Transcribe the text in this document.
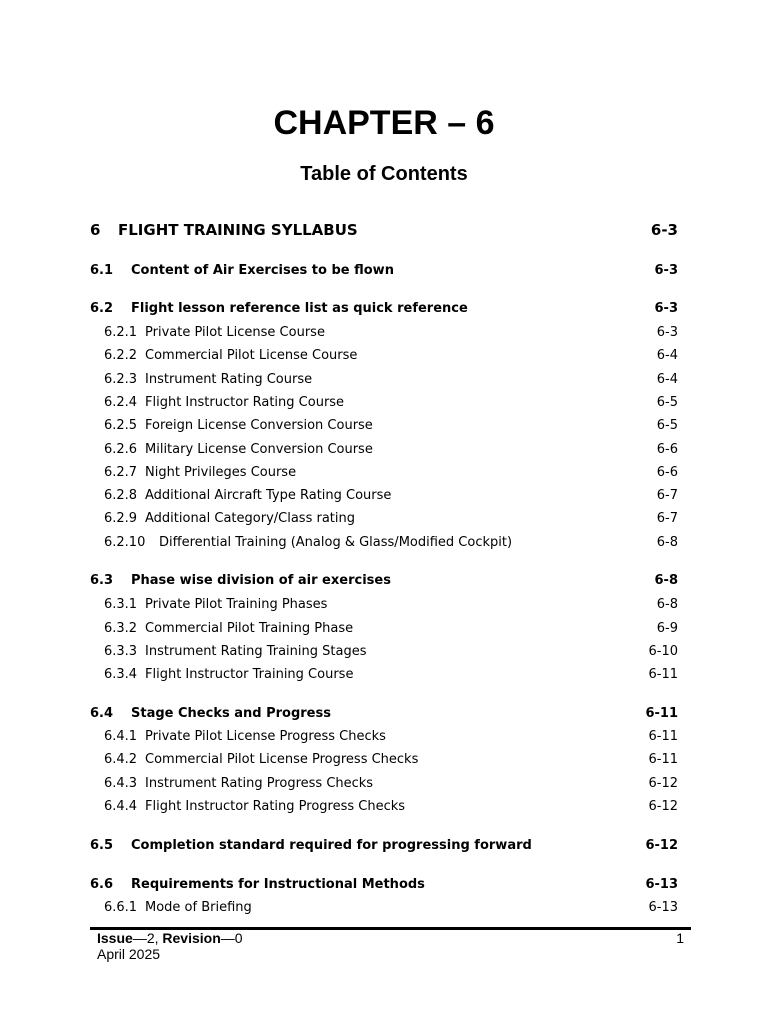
CHAPTER – 6
Table of Contents
6 FLIGHT TRAINING SYLLABUS	6-3
6.1 Content of Air Exercises to be flown	6-3
6.2 Flight lesson reference list as quick reference	6-3
6.2.1 Private Pilot License Course	6-3
6.2.2 Commercial Pilot License Course	6-4
6.2.3 Instrument Rating Course	6-4
6.2.4 Flight Instructor Rating Course	6-5
6.2.5 Foreign License Conversion Course	6-5
6.2.6 Military License Conversion Course	6-6
6.2.7 Night Privileges Course	6-6
6.2.8 Additional Aircraft Type Rating Course	6-7
6.2.9 Additional Category/Class rating	6-7
6.2.10 Differential Training (Analog & Glass/Modified Cockpit)	6-8
6.3 Phase wise division of air exercises	6-8
6.3.1 Private Pilot Training Phases	6-8
6.3.2 Commercial Pilot Training Phase	6-9
6.3.3 Instrument Rating Training Stages	6-10
6.3.4 Flight Instructor Training Course	6-11
6.4 Stage Checks and Progress	6-11
6.4.1 Private Pilot License Progress Checks	6-11
6.4.2 Commercial Pilot License Progress Checks	6-11
6.4.3 Instrument Rating Progress Checks	6-12
6.4.4 Flight Instructor Rating Progress Checks	6-12
6.5 Completion standard required for progressing forward	6-12
6.6 Requirements for Instructional Methods	6-13
6.6.1 Mode of Briefing	6-13
Issue—2, Revision—0
April 2025
1
